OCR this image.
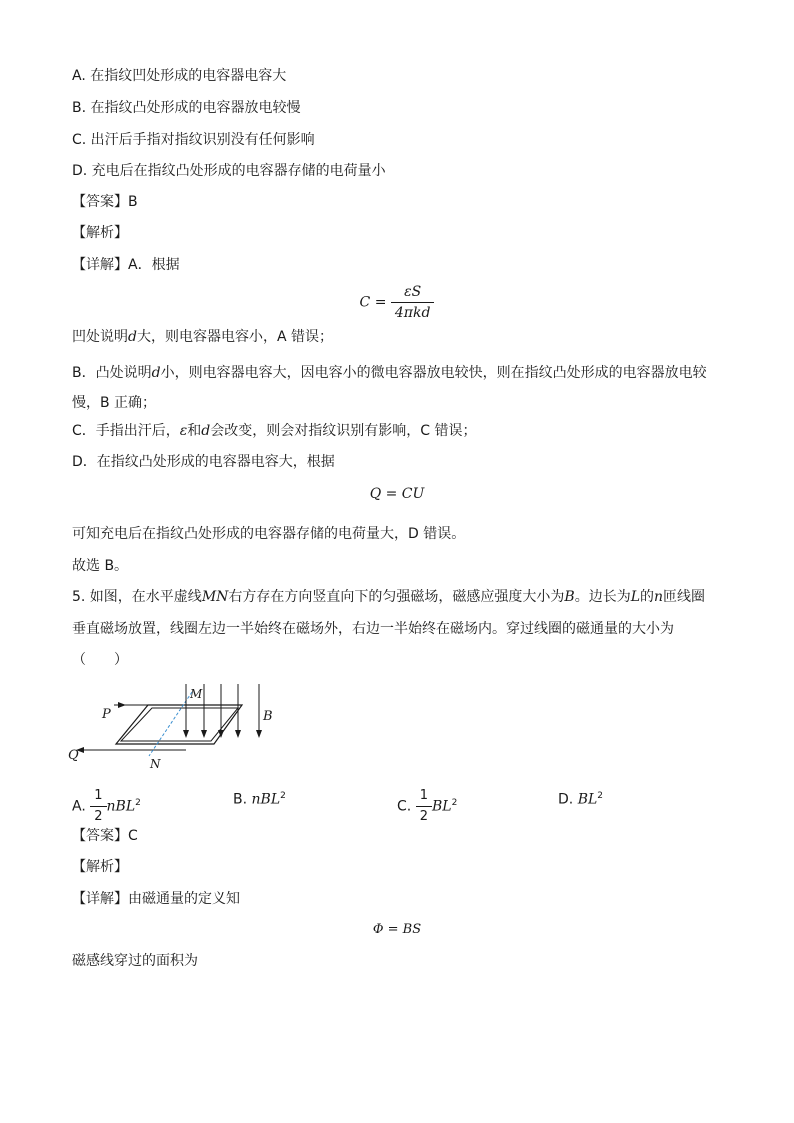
A. 在指纹凹处形成的电容器电容大
B. 在指纹凸处形成的电容器放电较慢
C. 出汗后手指对指纹识别没有任何影响
D. 充电后在指纹凸处形成的电容器存储的电荷量小
【答案】B
【解析】
【详解】A．根据
$C = \frac{\varepsilon S}{\text{4πkd}}$
凹处说明d大，则电容器电容小，A 错误；
B．凸处说明d小，则电容器电容大，因电容小的微电容器放电较快，则在指纹凸处形成的电容器放电较慢，B 正确；
C．手指出汗后，ε和d会改变，则会对指纹识别有影响，C 错误；
D．在指纹凸处形成的电容器电容大，根据
Q = CU
可知充电后在指纹凸处形成的电容器存储的电荷量大，D 错误。
故选 B。
5. 如图，在水平虚线MN右方存在方向竖直向下的匀强磁场，磁感应强度大小为B。边长为L的n匝线圈
垂直磁场放置，线圈左边一半始终在磁场外，右边一半始终在磁场内。穿过线圈的磁通量的大小为
（　　）
P
Q
M
N
B
A. $\frac{1}{2} nBL^2$	B. nBL$^2$
C. $\frac{1}{2} BL^2$	D. $BL^2$
【答案】C
【解析】
【详解】由磁通量的定义知
Φ = BS
磁感线穿过的面积为
